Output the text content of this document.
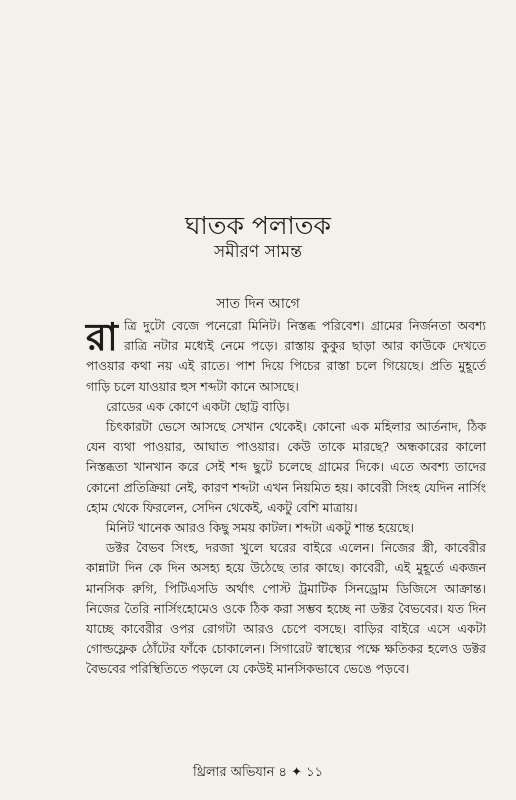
ঘাতক পলাতক
সমীরণ সামন্ত
সাত দিন আগে

রাত্রি দুটো বেজে পনেরো মিনিট। নিস্তব্ধ পরিবেশ। গ্রামের নির্জনতা অবশ্য রাত্রি নটার মধ্যেই নেমে পড়ে। রাস্তায় কুকুর ছাড়া আর কাউকে দেখতে পাওয়ার কথা নয় এই রাতে। পাশ দিয়ে পিচের রাস্তা চলে গিয়েছে। প্রতি মুহূর্তে গাড়ি চলে যাওয়ার হুস শব্দটা কানে আসছে।

রোডের এক কোণে একটা ছোট্ট বাড়ি।

চিৎকারটা ভেসে আসছে সেখান থেকেই। কোনো এক মহিলার আর্তনাদ, ঠিক যেন ব্যথা পাওয়ার, আঘাত পাওয়ার। কেউ তাকে মারছে? অন্ধকারের কালো নিস্তব্ধতা খানখান করে সেই শব্দ ছুটে চলেছে গ্রামের দিকে। এতে অবশ্য তাদের কোনো প্রতিক্রিয়া নেই, কারণ শব্দটা এখন নিয়মিত হয়। কাবেরী সিংহ যেদিন নার্সিং হোম থেকে ফিরলেন, সেদিন থেকেই, একটু বেশি মাত্রায়।

মিনিট খানেক আরও কিছু সময় কাটল। শব্দটা একটু শান্ত হয়েছে।

ডক্টর বৈভব সিংহ, দরজা খুলে ঘরের বাইরে এলেন। নিজের স্ত্রী, কাবেরীর কান্নাটা দিন কে দিন অসহ্য হয়ে উঠেছে তার কাছে। কাবেরী, এই মুহূর্তে একজন মানসিক রুগি, পিটিএসডি অর্থাৎ পোস্ট ট্রমাটিক সিনড্রোম ডিজিসে আক্রান্ত। নিজের তৈরি নার্সিংহোমেও ওকে ঠিক করা সম্ভব হচ্ছে না ডক্টর বৈভবের। যত দিন যাচ্ছে কাবেরীর ওপর রোগটা আরও চেপে বসছে। বাড়ির বাইরে এসে একটা গোল্ডফ্লেক ঠোঁটের ফাঁকে চোকালেন। সিগারেট স্বাস্থ্যের পক্ষে ক্ষতিকর হলেও ডক্টর বৈভবের পরিস্থিতিতে পড়লে যে কেউই মানসিকভাবে ভেঙে পড়বে।

থ্রিলার অভিযান ৪ ✦ ১১
